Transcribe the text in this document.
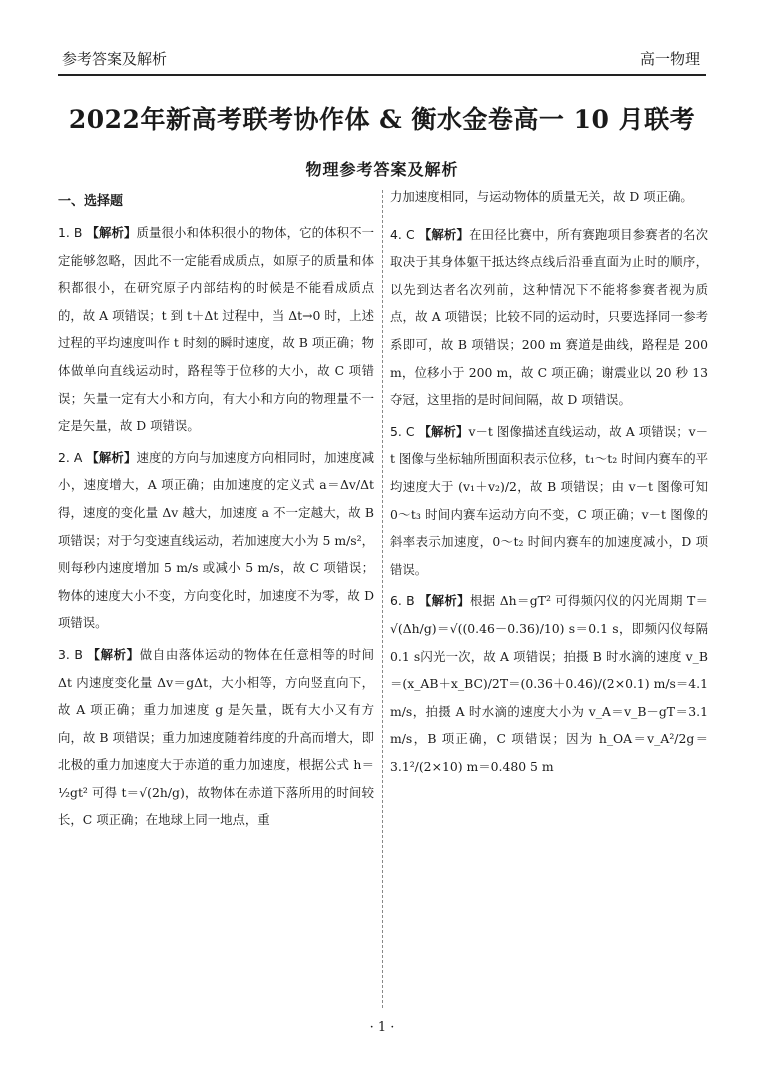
参考答案及解析	高一物理
2022年新高考联考协作体 & 衡水金卷高一 10 月联考
物理参考答案及解析
一、选择题

1. B 【解析】质量很小和体积很小的物体，它的体积不一定能够忽略，因此不一定能看成质点，如原子的质量和体积都很小，在研究原子内部结构的时候是不能看成质点的，故 A 项错误；t 到 t＋Δt 过程中，当 Δt→0 时，上述过程的平均速度叫作 t 时刻的瞬时速度，故 B 项正确；物体做单向直线运动时，路程等于位移的大小，故 C 项错误；矢量一定有大小和方向，有大小和方向的物理量不一定是矢量，故 D 项错误。

2. A 【解析】速度的方向与加速度方向相同时，加速度减小，速度增大，A 项正确；由加速度的定义式 a＝Δv/Δt 得，速度的变化量 Δv 越大，加速度 a 不一定越大，故 B 项错误；对于匀变速直线运动，若加速度大小为 5 m/s²，则每秒内速度增加 5 m/s 或减小 5 m/s，故 C 项错误；物体的速度大小不变，方向变化时，加速度不为零，故 D 项错误。

3. B 【解析】做自由落体运动的物体在任意相等的时间 Δt 内速度变化量 Δv＝gΔt，大小相等，方向竖直向下，故 A 项正确；重力加速度 g 是矢量，既有大小又有方向，故 B 项错误；重力加速度随着纬度的升高而增大，即北极的重力加速度大于赤道的重力加速度，根据公式 h＝½gt² 可得 t＝√(2h/g)，故物体在赤道下落所用的时间较长，C 项正确；在地球上同一地点，重

力加速度相同，与运动物体的质量无关，故 D 项正确。

4. C 【解析】在田径比赛中，所有赛跑项目参赛者的名次取决于其身体躯干抵达终点线后沿垂直面为止时的顺序，以先到达者名次列前，这种情况下不能将参赛者视为质点，故 A 项错误；比较不同的运动时，只要选择同一参考系即可，故 B 项错误；200 m 赛道是曲线，路程是 200 m，位移小于 200 m，故 C 项正确；谢震业以 20 秒 13 夺冠，这里指的是时间间隔，故 D 项错误。

5. C 【解析】v－t 图像描述直线运动，故 A 项错误；v－t 图像与坐标轴所围面积表示位移，t₁～t₂ 时间内赛车的平均速度大于 (v₁＋v₂)/2，故 B 项错误；由 v－t 图像可知 0～t₃ 时间内赛车运动方向不变，C 项正确；v－t 图像的斜率表示加速度，0～t₂ 时间内赛车的加速度减小，D 项错误。

6. B 【解析】根据 Δh＝gT² 可得频闪仪的闪光周期 T＝√(Δh/g)＝√((0.46－0.36)/10) s＝0.1 s，即频闪仪每隔 0.1 s闪光一次，故 A 项错误；拍摄 B 时水滴的速度 v_B＝(x_AB＋x_BC)/2T＝(0.36＋0.46)/(2×0.1) m/s＝4.1 m/s，拍摄 A 时水滴的速度大小为 v_A＝v_B－gT＝3.1 m/s，B 项正确，C 项错误；因为 h_OA＝v_A²/2g＝3.1²/(2×10) m＝0.480 5 m

· 1 ·
